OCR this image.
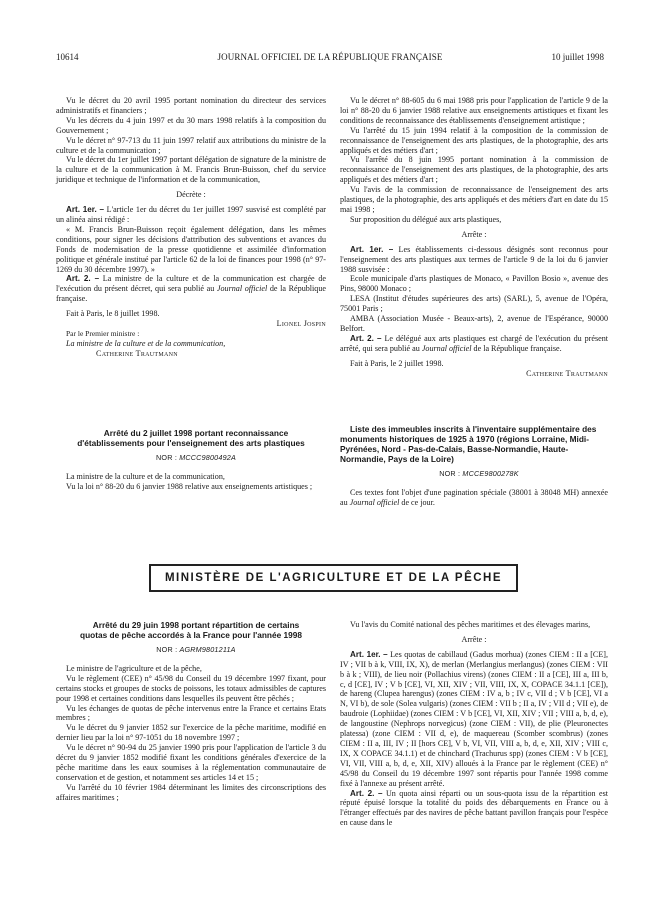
10614	JOURNAL OFFICIEL DE LA RÉPUBLIQUE FRANÇAISE	10 juillet 1998

Vu le décret du 20 avril 1995 portant nomination du directeur des services administratifs et financiers ;

Vu les décrets du 4 juin 1997 et du 30 mars 1998 relatifs à la composition du Gouvernement ;

Vu le décret n° 97-713 du 11 juin 1997 relatif aux attributions du ministre de la culture et de la communication ;

Vu le décret du 1er juillet 1997 portant délégation de signature de la ministre de la culture et de la communication à M. Francis Brun-Buisson, chef du service juridique et technique de l'information et de la communication,

Décrète :

Art. 1er. – L'article 1er du décret du 1er juillet 1997 susvisé est complété par un alinéa ainsi rédigé :

« M. Francis Brun-Buisson reçoit également délégation, dans les mêmes conditions, pour signer les décisions d'attribution des subventions et avances du Fonds de modernisation de la presse quotidienne et assimilée d'information politique et générale institué par l'article 62 de la loi de finances pour 1998 (n° 97-1269 du 30 décembre 1997). »

Art. 2. – La ministre de la culture et de la communication est chargée de l'exécution du présent décret, qui sera publié au Journal officiel de la République française.

Fait à Paris, le 8 juillet 1998.

Lionel Jospin

Par le Premier ministre :

La ministre de la culture et de la communication,

Catherine Trautmann

Arrêté du 2 juillet 1998 portant reconnaissance d'établissements pour l'enseignement des arts plastiques

NOR : MCCC9800492A

La ministre de la culture et de la communication,

Vu la loi n° 88-20 du 6 janvier 1988 relative aux enseignements artistiques ;

Vu le décret n° 88-605 du 6 mai 1988 pris pour l'application de l'article 9 de la loi n° 88-20 du 6 janvier 1988 relative aux enseignements artistiques et fixant les conditions de reconnaissance des établissements d'enseignement artistique ;

Vu l'arrêté du 15 juin 1994 relatif à la composition de la commission de reconnaissance de l'enseignement des arts plastiques, de la photographie, des arts appliqués et des métiers d'art ;

Vu l'arrêté du 8 juin 1995 portant nomination à la commission de reconnaissance de l'enseignement des arts plastiques, de la photographie, des arts appliqués et des métiers d'art ;

Vu l'avis de la commission de reconnaissance de l'enseignement des arts plastiques, de la photographie, des arts appliqués et des métiers d'art en date du 15 mai 1998 ;

Sur proposition du délégué aux arts plastiques,

Arrête :

Art. 1er. – Les établissements ci-dessous désignés sont reconnus pour l'enseignement des arts plastiques aux termes de l'article 9 de la loi du 6 janvier 1988 susvisée :

Ecole municipale d'arts plastiques de Monaco, « Pavillon Bosio », avenue des Pins, 98000 Monaco ;

LESA (Institut d'études supérieures des arts) (SARL), 5, avenue de l'Opéra, 75001 Paris ;

AMBA (Association Musée - Beaux-arts), 2, avenue de l'Espérance, 90000 Belfort.

Art. 2. – Le délégué aux arts plastiques est chargé de l'exécution du présent arrêté, qui sera publié au Journal officiel de la République française.

Fait à Paris, le 2 juillet 1998.

Catherine Trautmann

Liste des immeubles inscrits à l'inventaire supplémentaire des monuments historiques de 1925 à 1970 (régions Lorraine, Midi-Pyrénées, Nord - Pas-de-Calais, Basse-Normandie, Haute-Normandie, Pays de la Loire)

NOR : MCCE9800278K

Ces textes font l'objet d'une pagination spéciale (38001 à 38048 MH) annexée au Journal officiel de ce jour.

MINISTÈRE DE L'AGRICULTURE ET DE LA PÊCHE

Arrêté du 29 juin 1998 portant répartition de certains quotas de pêche accordés à la France pour l'année 1998

NOR : AGRM9801211A

Le ministre de l'agriculture et de la pêche,

Vu le règlement (CEE) n° 45/98 du Conseil du 19 décembre 1997 fixant, pour certains stocks et groupes de stocks de poissons, les totaux admissibles de captures pour 1998 et certaines conditions dans lesquelles ils peuvent être pêchés ;

Vu les échanges de quotas de pêche intervenus entre la France et certains Etats membres ;

Vu le décret du 9 janvier 1852 sur l'exercice de la pêche maritime, modifié en dernier lieu par la loi n° 97-1051 du 18 novembre 1997 ;

Vu le décret n° 90-94 du 25 janvier 1990 pris pour l'application de l'article 3 du décret du 9 janvier 1852 modifié fixant les conditions générales d'exercice de la pêche maritime dans les eaux soumises à la réglementation communautaire de conservation et de gestion, et notamment ses articles 14 et 15 ;

Vu l'arrêté du 10 février 1984 déterminant les limites des circonscriptions des affaires maritimes ;

Vu l'avis du Comité national des pêches maritimes et des élevages marins,

Arrête :

Art. 1er. – Les quotas de cabillaud (Gadus morhua) (zones CIEM : II a [CE], IV ; VII b à k, VIII, IX, X), de merlan (Merlangius merlangus) (zones CIEM : VII b à k ; VIII), de lieu noir (Pollachius virens) (zones CIEM : II a [CE], III a, III b, c, d [CE], IV ; V b [CE], VI, XII, XIV ; VII, VIII, IX, X, COPACE 34.1.1 [CE]), de hareng (Clupea harengus) (zones CIEM : IV a, b ; IV c, VII d ; V b [CE], VI a N, VI b), de sole (Solea vulgaris) (zones CIEM : VII b ; II a, IV ; VII d ; VII e), de baudroie (Lophiidae) (zones CIEM : V b [CE], VI, XII, XIV ; VII ; VIII a, b, d, e), de langoustine (Nephrops norvegicus) (zone CIEM : VII), de plie (Pleuronectes platessa) (zone CIEM : VII d, e), de maquereau (Scomber scombrus) (zones CIEM : II a, III, IV ; II [hors CE], V b, VI, VII, VIII a, b, d, e, XII, XIV ; VIII c, IX, X COPACE 34.1.1) et de chinchard (Trachurus spp) (zones CIEM : V b [CE], VI, VII, VIII a, b, d, e, XII, XIV) alloués à la France par le règlement (CEE) n° 45/98 du Conseil du 19 décembre 1997 sont répartis pour l'année 1998 comme fixé à l'annexe au présent arrêté.

Art. 2. – Un quota ainsi réparti ou un sous-quota issu de la répartition est réputé épuisé lorsque la totalité du poids des débarquements en France ou à l'étranger effectués par des navires de pêche battant pavillon français pour l'espèce en cause dans le
